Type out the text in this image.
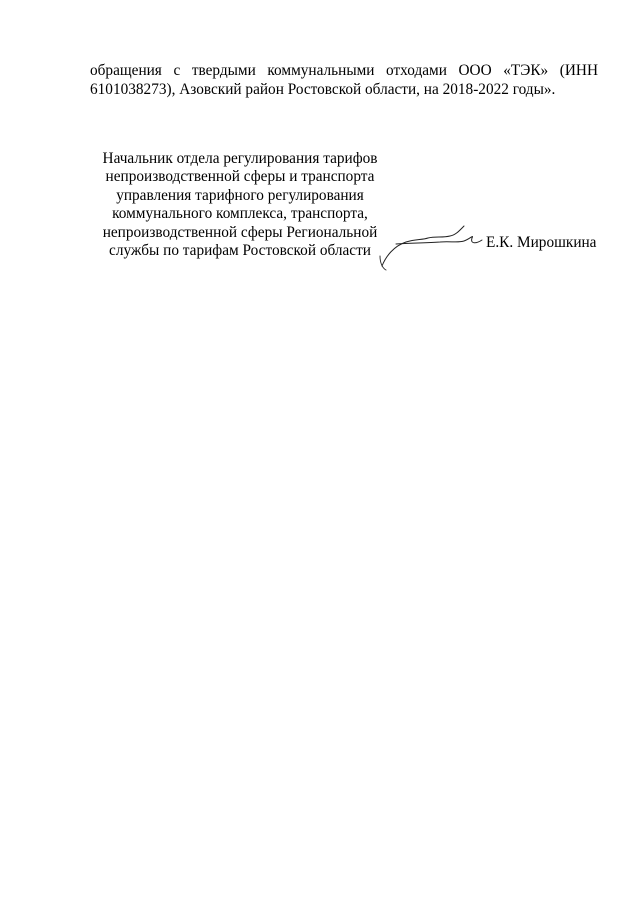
обращения с твердыми коммунальными отходами ООО «ТЭК» (ИНН
6101038273), Азовский район Ростовской области, на 2018-2022 годы».
Начальник отдела регулирования тарифов
непроизводственной сферы и транспорта
управления тарифного регулирования
коммунального комплекса, транспорта,
непроизводственной сферы Региональной
службы по тарифам Ростовской области	Е.К. Мирошкина
